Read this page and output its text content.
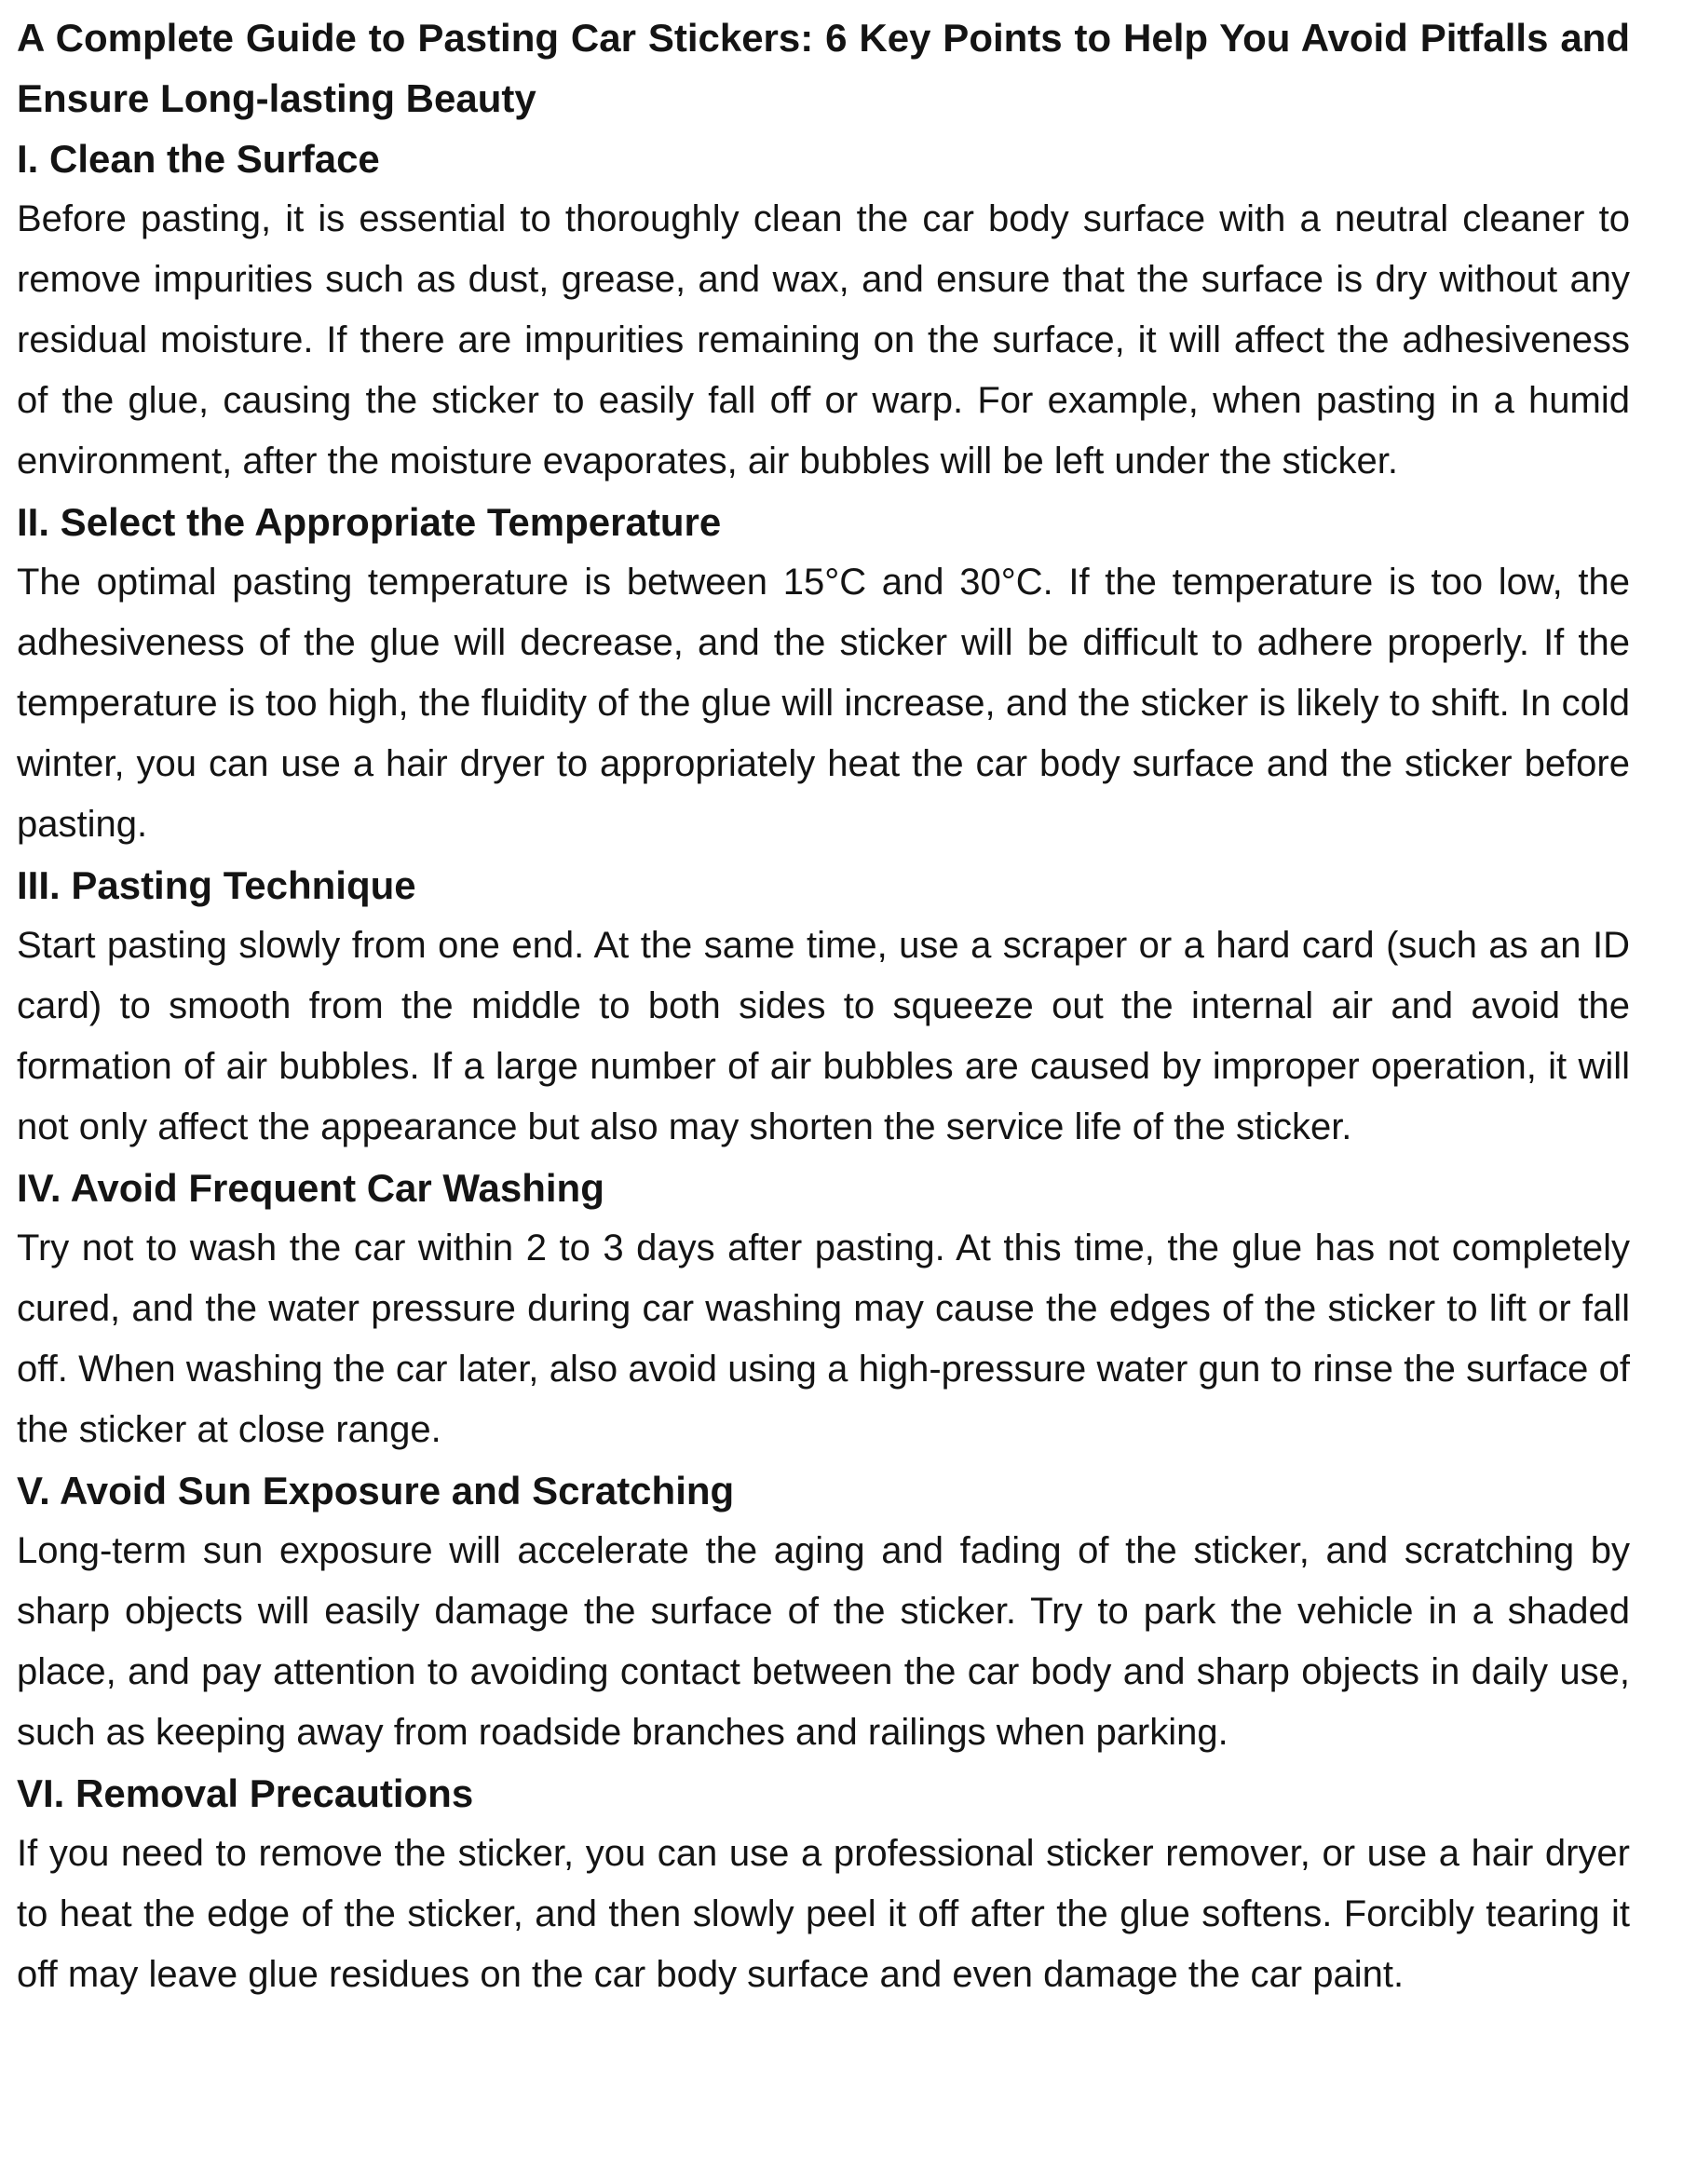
A Complete Guide to Pasting Car Stickers: 6 Key Points to Help You Avoid Pitfalls and Ensure Long-lasting Beauty
I. Clean the Surface

Before pasting, it is essential to thoroughly clean the car body surface with a neutral cleaner to remove impurities such as dust, grease, and wax, and ensure that the surface is dry without any residual moisture. If there are impurities remaining on the surface, it will affect the adhesiveness of the glue, causing the sticker to easily fall off or warp. For example, when pasting in a humid environment, after the moisture evaporates, air bubbles will be left under the sticker.

II. Select the Appropriate Temperature

The optimal pasting temperature is between 15°C and 30°C. If the temperature is too low, the adhesiveness of the glue will decrease, and the sticker will be difficult to adhere properly. If the temperature is too high, the fluidity of the glue will increase, and the sticker is likely to shift. In cold winter, you can use a hair dryer to appropriately heat the car body surface and the sticker before pasting.

III. Pasting Technique

Start pasting slowly from one end. At the same time, use a scraper or a hard card (such as an ID card) to smooth from the middle to both sides to squeeze out the internal air and avoid the formation of air bubbles. If a large number of air bubbles are caused by improper operation, it will not only affect the appearance but also may shorten the service life of the sticker.

IV. Avoid Frequent Car Washing

Try not to wash the car within 2 to 3 days after pasting. At this time, the glue has not completely cured, and the water pressure during car washing may cause the edges of the sticker to lift or fall off. When washing the car later, also avoid using a high-pressure water gun to rinse the surface of the sticker at close range.

V. Avoid Sun Exposure and Scratching

Long-term sun exposure will accelerate the aging and fading of the sticker, and scratching by sharp objects will easily damage the surface of the sticker. Try to park the vehicle in a shaded place, and pay attention to avoiding contact between the car body and sharp objects in daily use, such as keeping away from roadside branches and railings when parking.

VI. Removal Precautions

If you need to remove the sticker, you can use a professional sticker remover, or use a hair dryer to heat the edge of the sticker, and then slowly peel it off after the glue softens. Forcibly tearing it off may leave glue residues on the car body surface and even damage the car paint.
